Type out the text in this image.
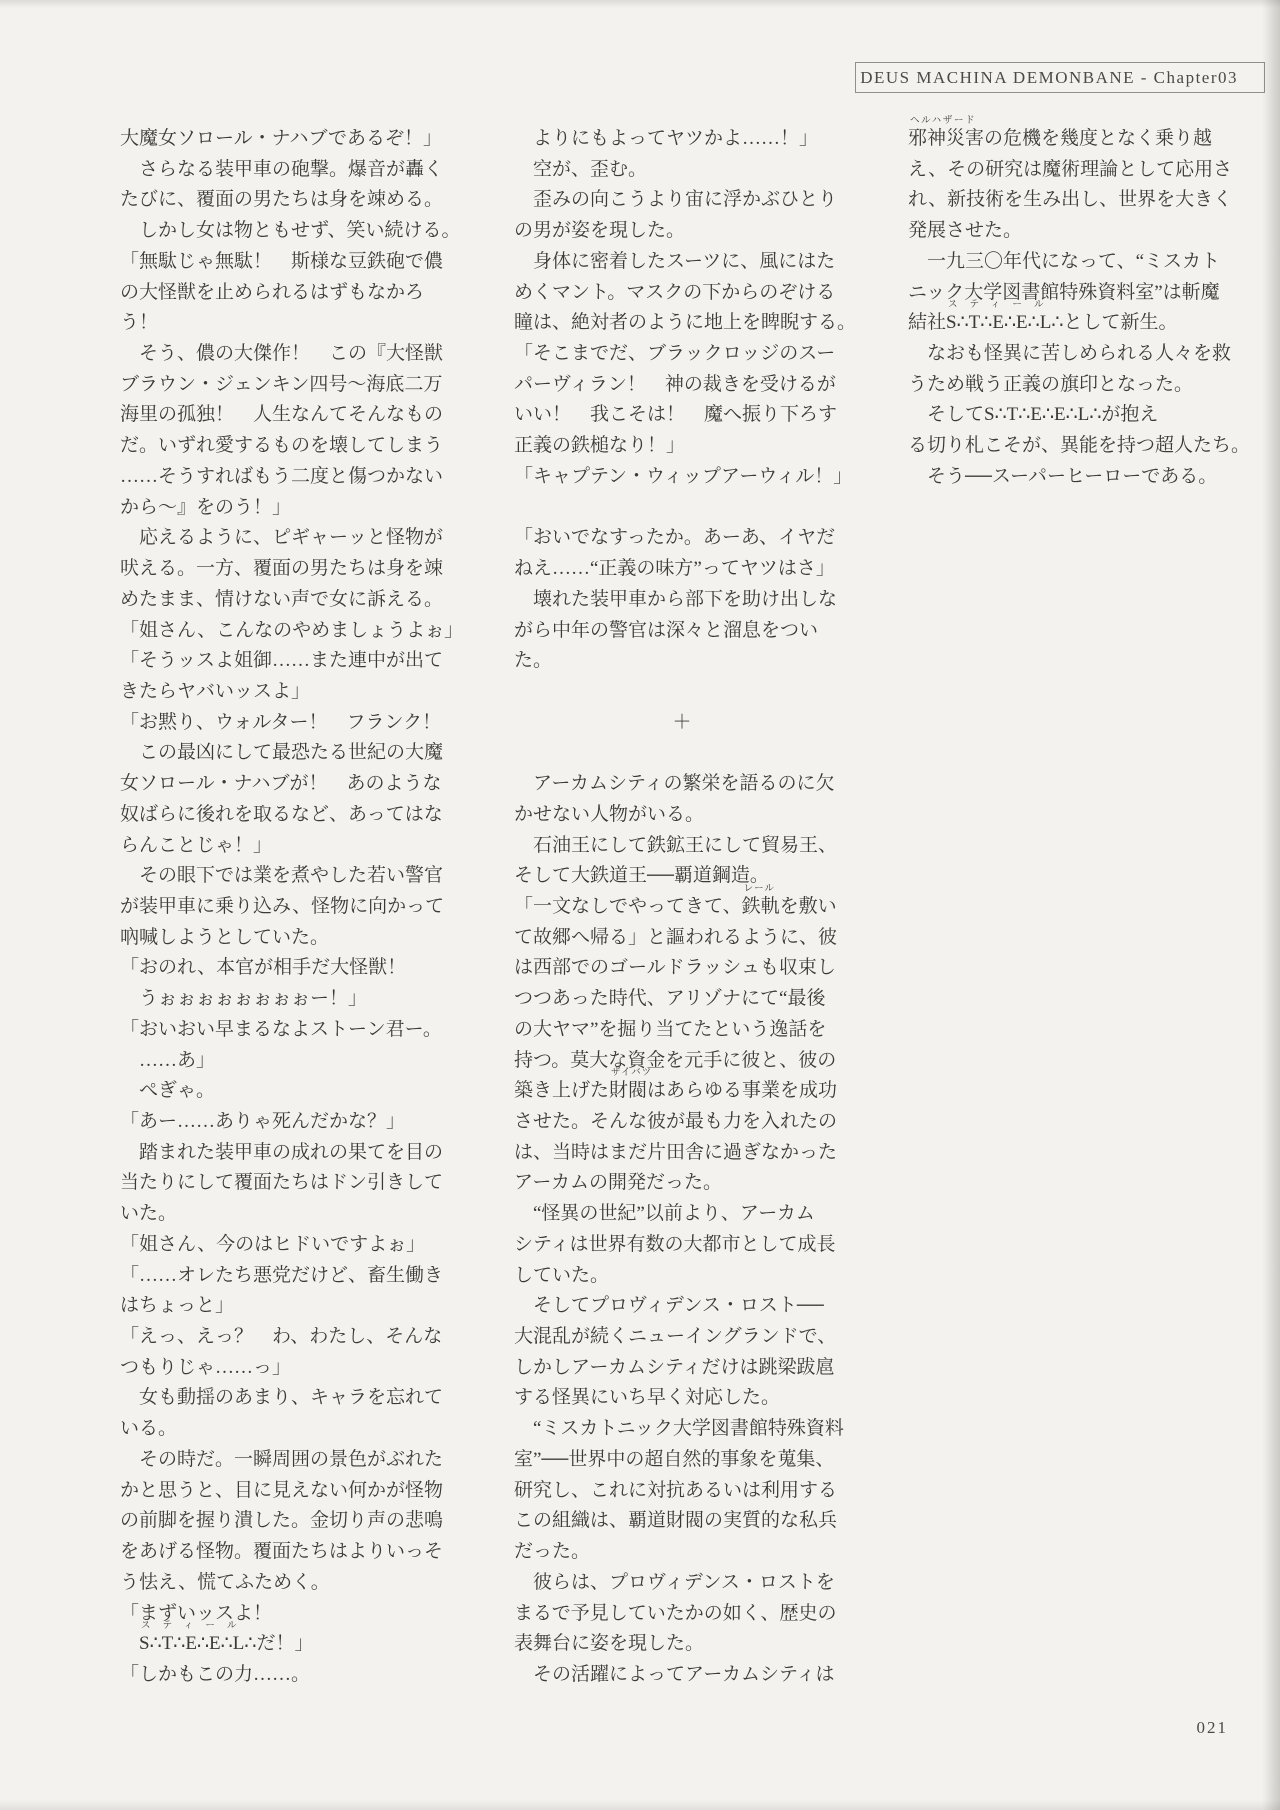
DEUS MACHINA DEMONBANE - Chapter03
大魔女ソロール・ナハブであるぞ！」
　さらなる装甲車の砲撃。爆音が轟く
たびに、覆面の男たちは身を竦める。
　しかし女は物ともせず、笑い続ける。
「無駄じゃ無駄！　斯様な豆鉄砲で儂
の大怪獣を止められるはずもなかろ
う！
　そう、儂の大傑作！　この『大怪獣
ブラウン・ジェンキン四号〜海底二万
海里の孤独！　人生なんてそんなもの
だ。いずれ愛するものを壊してしまう
……そうすればもう二度と傷つかない
から〜』をのう！」
　応えるように、ピギャーッと怪物が
吠える。一方、覆面の男たちは身を竦
めたまま、情けない声で女に訴える。
「姐さん、こんなのやめましょうよぉ」
「そうッスよ姐御……また連中が出て
きたらヤバいッスよ」
「お黙り、ウォルター！　フランク！
　この最凶にして最恐たる世紀の大魔
女ソロール・ナハブが！　あのような
奴ばらに後れを取るなど、あってはな
らんことじゃ！」
　その眼下では業を煮やした若い警官
が装甲車に乗り込み、怪物に向かって
吶喊しようとしていた。
「おのれ、本官が相手だ大怪獣！
　うぉぉぉぉぉぉぉぉー！」
「おいおい早まるなよストーン君ー。
　……あ」
　ぺぎゃ。
「あー……ありゃ死んだかな？」
　踏まれた装甲車の成れの果てを目の
当たりにして覆面たちはドン引きして
いた。
「姐さん、今のはヒドいですよぉ」
「……オレたち悪党だけど、畜生働き
はちょっと」
「えっ、えっ？　わ、わたし、そんな
つもりじゃ……っ」
　女も動揺のあまり、キャラを忘れて
いる。
　その時だ。一瞬周囲の景色がぶれた
かと思うと、目に見えない何かが怪物
の前脚を握り潰した。金切り声の悲鳴
をあげる怪物。覆面たちはよりいっそ
う怯え、慌てふためく。
「まずいッスよ！
　S∴T∴E∴E∴L∴
スティール
だ！」
「しかもこの力……。
　よりにもよってヤツかよ……！」
　空が、歪む。
　歪みの向こうより宙に浮かぶひとり
の男が姿を現した。
　身体に密着したスーツに、風にはた
めくマント。マスクの下からのぞける
瞳は、絶対者のように地上を睥睨する。
「そこまでだ、ブラックロッジのスー
パーヴィラン！　神の裁きを受けるが
いい！　我こそは！　魔へ振り下ろす
正義の鉄槌なり！」
「キャプテン・ウィップアーウィル！」
「おいでなすったか。あーあ、イヤだ
ねえ……“正義の味方”ってヤツはさ」
　壊れた装甲車から部下を助け出しな
がら中年の警官は深々と溜息をつい
た。
＋
　アーカムシティの繁栄を語るのに欠
かせない人物がいる。
　石油王にして鉄鉱王にして貿易王、
そして大鉄道王──覇道鋼造。
「一文なしでやってきて、鉄軌
レール
を敷い
て故郷へ帰る」と謳われるように、彼
は西部でのゴールドラッシュも収束し
つつあった時代、アリゾナにて“最後
の大ヤマ”を掘り当てたという逸話を
持つ。莫大な資金を元手に彼と、彼の
築き上げた財閥
ザイバツ
はあらゆる事業を成功
させた。そんな彼が最も力を入れたの
は、当時はまだ片田舎に過ぎなかった
アーカムの開発だった。
　“怪異の世紀”以前より、アーカム
シティは世界有数の大都市として成長
していた。
　そしてプロヴィデンス・ロスト──
大混乱が続くニューイングランドで、
しかしアーカムシティだけは跳梁跋扈
する怪異にいち早く対応した。
　“ミスカトニック大学図書館特殊資料
室”──世界中の超自然的事象を蒐集、
研究し、これに対抗あるいは利用する
この組織は、覇道財閥の実質的な私兵
だった。
　彼らは、プロヴィデンス・ロストを
まるで予見していたかの如く、歴史の
表舞台に姿を現した。
　その活躍によってアーカムシティは
邪神災害
ヘルハザード
の危機を幾度となく乗り越
え、その研究は魔術理論として応用さ
れ、新技術を生み出し、世界を大きく
発展させた。
　一九三〇年代になって、“ミスカト
ニック大学図書館特殊資料室”は斬魔
結社S∴T∴E∴E∴L∴
スティール
として新生。
　なおも怪異に苦しめられる人々を救
うため戦う正義の旗印となった。
　そしてS∴T∴E∴E∴L∴が抱え
る切り札こそが、異能を持つ超人たち。
　そう──スーパーヒーローである。
021
